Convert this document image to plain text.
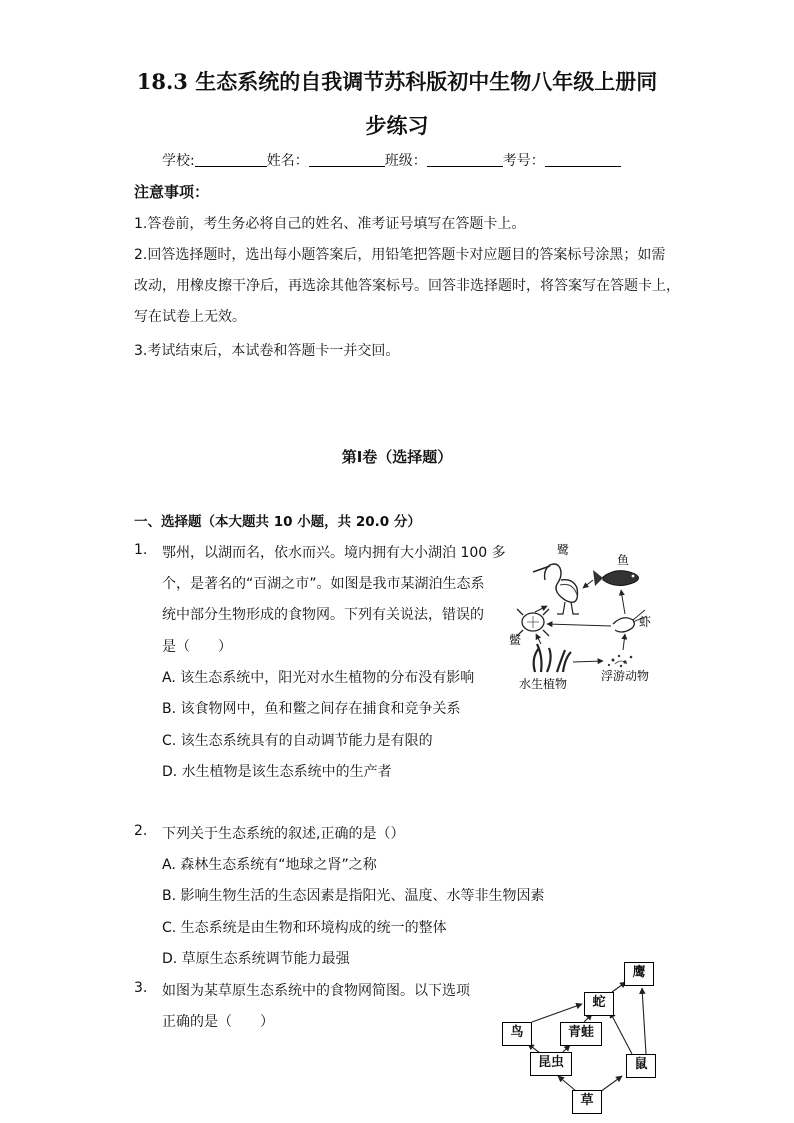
18.3 生态系统的自我调节苏科版初中生物八年级上册同
步练习
学校:	姓名：	班级：	考号：
注意事项：
1.答卷前，考生务必将自己的姓名、准考证号填写在答题卡上。
2.回答选择题时，选出每小题答案后，用铅笔把答题卡对应题目的答案标号涂黑；如需
改动，用橡皮擦干净后，再选涂其他答案标号。回答非选择题时，将答案写在答题卡上，
写在试卷上无效。
3.考试结束后，本试卷和答题卡一并交回。
第I卷（选择题）
一、选择题（本大题共 10 小题，共 20.0 分）
1. 鄂州，以湖而名，依水而兴。境内拥有大小湖泊 100 多
个，是著名的“百湖之市”。如图是我市某湖泊生态系
统中部分生物形成的食物网。下列有关说法，错误的
是（　　）
A. 该生态系统中，阳光对水生植物的分布没有影响
B. 该食物网中，鱼和鳖之间存在捕食和竞争关系
C. 该生态系统具有的自动调节能力是有限的
D. 水生植物是该生态系统中的生产者
鹭
鱼
虾
鳖
水生植物
浮游动物
2. 下列关于生态系统的叙述,正确的是（）
A. 森林生态系统有“地球之肾”之称
B. 影响生物生活的生态因素是指阳光、温度、水等非生物因素
C. 生态系统是由生物和环境构成的统一的整体
D. 草原生态系统调节能力最强
3. 如图为某草原生态系统中的食物网简图。以下选项
正确的是（　　）
鹰
蛇
鸟	青蛙
昆虫	鼠
草
